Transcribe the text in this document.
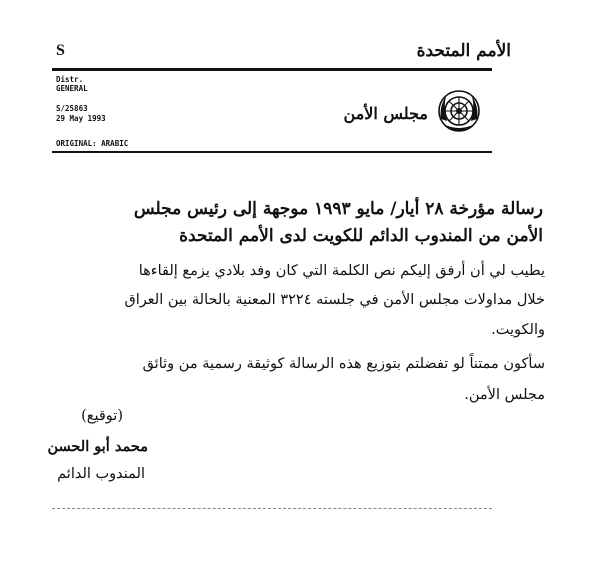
S	الأمم المتحدة
Distr.
GENERAL
S/25863
29 May 1993
ORIGINAL: ARABIC
مجلس الأمن
رسالة مؤرخة ٢٨ أيار/ مايو ١٩٩٣ موجهة إلى رئيس مجلس
الأمن من المندوب الدائم للكويت لدى الأمم المتحدة
يطيب لي أن أرفق إليكم نص الكلمة التي كان وفد بلادي يزمع إلقاءها
خلال مداولات مجلس الأمن في جلسته ٣٢٢٤ المعنية بالحالة بين العراق
والكويت.
سأكون ممتناً لو تفضلتم بتوزيع هذه الرسالة كوثيقة رسمية من وثائق
مجلس الأمن.
(توقيع)
محمد أبو الحسن
المندوب الدائم
